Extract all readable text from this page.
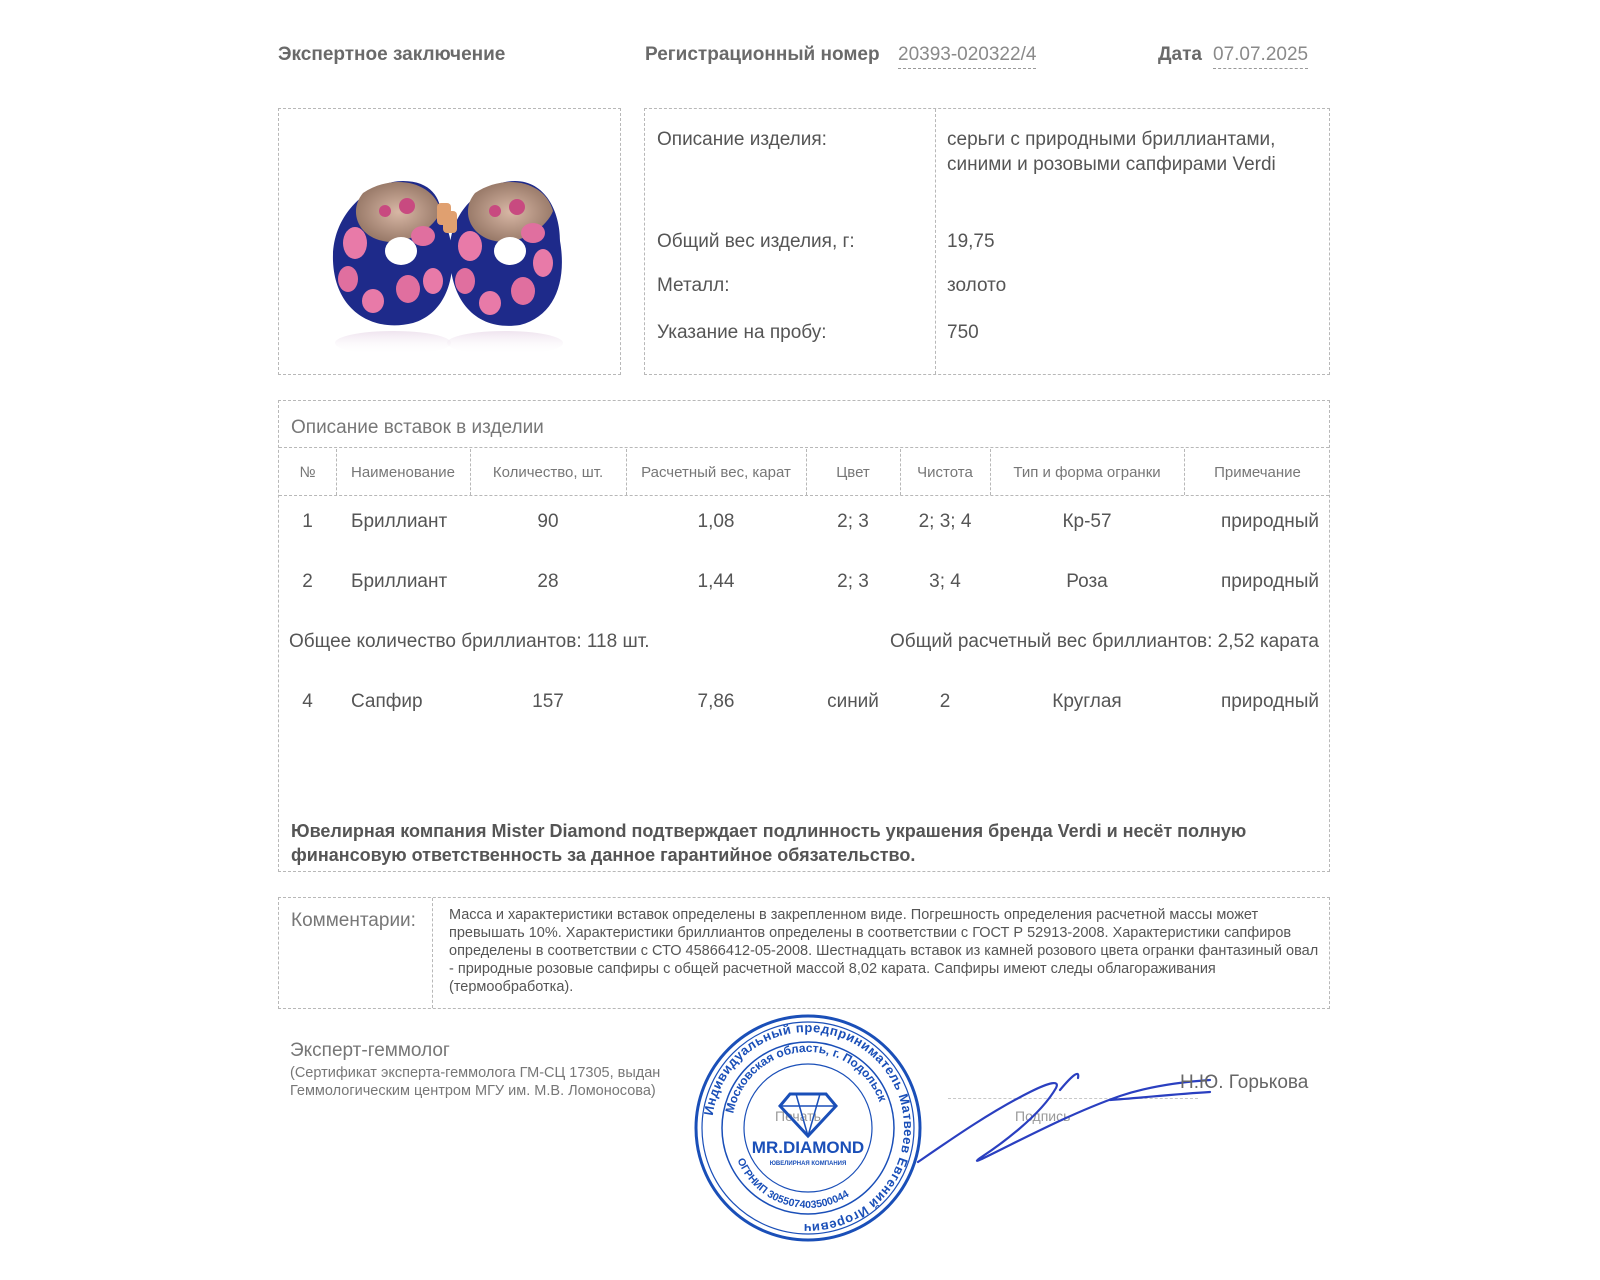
Экспертное заключение	Регистрационный номер 20393-020322/4	Дата 07.07.2025
Описание изделия:	серьги с природными бриллиантами, синими и розовыми сапфирами Verdi
Общий вес изделия, г:	19,75
Металл:	золото
Указание на пробу:	750
Описание вставок в изделии
№	Наименование	Количество, шт.	Расчетный вес, карат	Цвет	Чистота	Тип и форма огранки	Примечание
1	Бриллиант	90	1,08	2; 3	2; 3; 4	Кр-57	природный
2	Бриллиант	28	1,44	2; 3	3; 4	Роза	природный
Общее количество бриллиантов: 118 шт.	Общий расчетный вес бриллиантов: 2,52 карата
4	Сапфир	157	7,86	синий	2	Круглая	природный
Ювелирная компания Mister Diamond подтверждает подлинность украшения бренда Verdi и несёт полную финансовую ответственность за данное гарантийное обязательство.
Комментарии: Масса и характеристики вставок определены в закрепленном виде. Погрешность определения расчетной массы может превышать 10%. Характеристики бриллиантов определены в соответствии с ГОСТ Р 52913-2008. Характеристики сапфиров определены в соответствии с СТО 45866412-05-2008. Шестнадцать вставок из камней розового цвета огранки фантазиный овал - природные розовые сапфиры с общей расчетной массой 8,02 карата. Сапфиры имеют следы облагораживания (термообработка).
Эксперт-геммолог
(Сертификат эксперта-геммолога ГМ-СЦ 17305, выдан Геммологическим центром МГУ им. М.В. Ломоносова)
Печать	Подпись
Индивидуальный предприниматель Матвеев Евгений Игоревич
Московская область, г. Подольск
ОГРНИП 305507403500044
MR.DIAMOND
ЮВЕЛИРНАЯ КОМПАНИЯ
Н.Ю. Горькова
